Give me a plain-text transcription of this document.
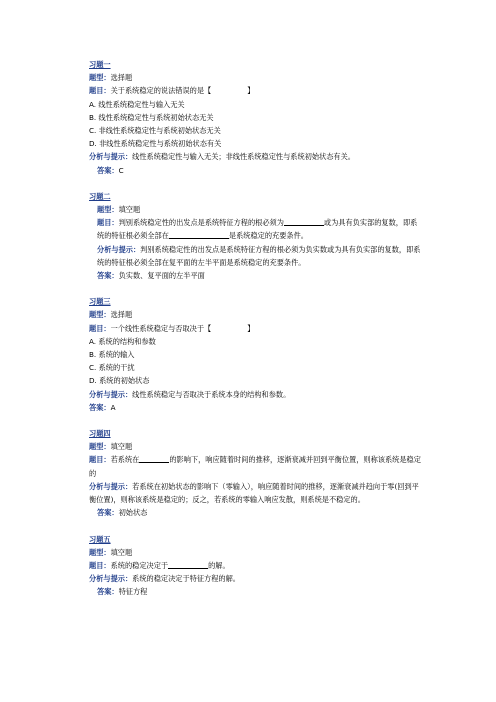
习题一
题型：选择题
题目：关于系统稳定的说法错误的是【	】
A. 线性系统稳定性与输入无关
B. 线性系统稳定性与系统初始状态无关
C. 非线性系统稳定性与系统初始状态无关
D. 非线性系统稳定性与系统初始状态有关
分析与提示：线性系统稳定性与输入无关；非线性系统稳定性与系统初始状态有关。
答案：C
习题二
题型：填空题
题目：判别系统稳定性的出发点是系统特征方程的根必须为	或为具有负实部的复数，即系统的特征根必须全部在	是系统稳定的充要条件。
分析与提示：判别系统稳定性的出发点是系统特征方程的根必须为负实数或为具有负实部的复数，即系统的特征根必须全部在复平面的左半平面是系统稳定的充要条件。
答案：负实数、复平面的左半平面
习题三
题型：选择题
题目：一个线性系统稳定与否取决于【	】
A. 系统的结构和参数
B. 系统的输入
C. 系统的干扰
D. 系统的初始状态
分析与提示：线性系统稳定与否取决于系统本身的结构和参数。
答案：A
习题四
题型：填空题
题目：若系统在	的影响下，响应随着时间的推移，逐渐衰减并回到平衡位置，则称该系统是稳定的
分析与提示：若系统在初始状态的影响下（零输入），响应随着时间的推移，逐渐衰减并趋向于零(回到平衡位置)，则称该系统是稳定的；反之，若系统的零输入响应发散，则系统是不稳定的。
答案：初始状态
习题五
题型：填空题
题目：系统的稳定决定于	的解。
分析与提示：系统的稳定决定于特征方程的解。
答案：特征方程
